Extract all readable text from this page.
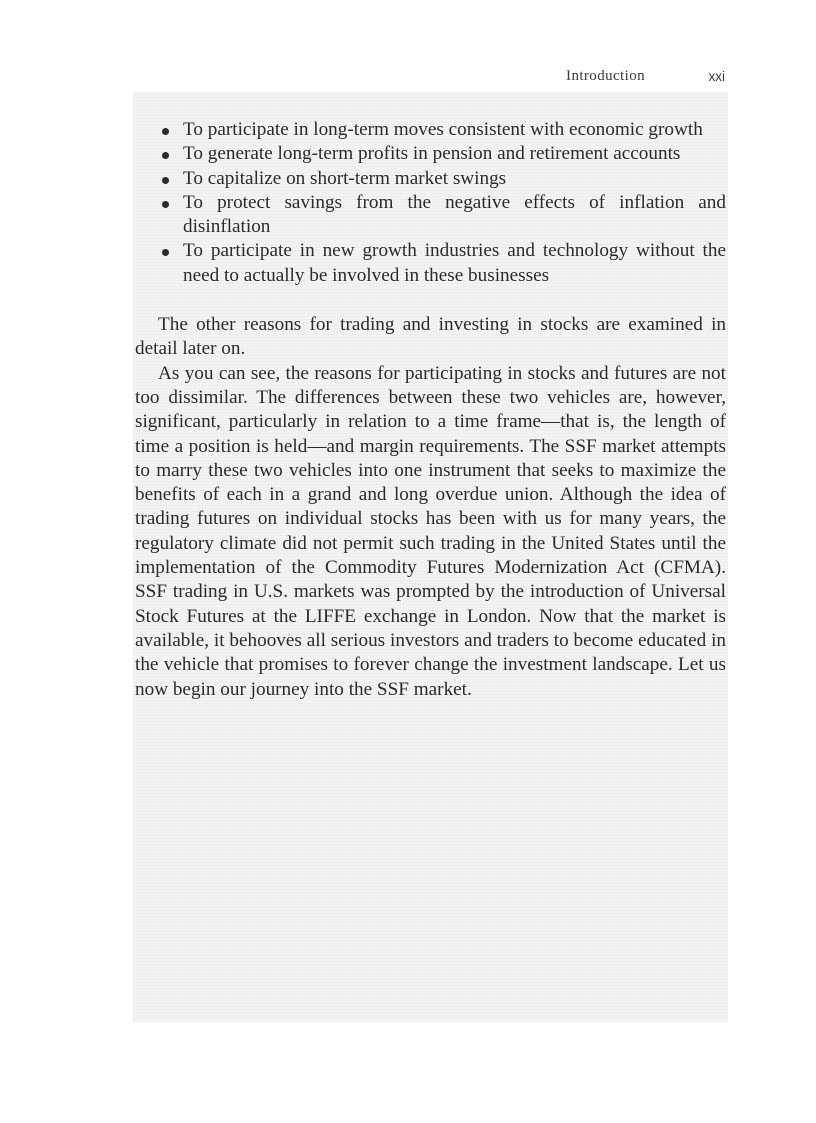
Introduction	xxi
To participate in long-term moves consistent with economic growth
To generate long-term profits in pension and retirement accounts
To capitalize on short-term market swings
To protect savings from the negative effects of inflation and disinflation
To participate in new growth industries and technology without the need to actually be involved in these businesses

The other reasons for trading and investing in stocks are examined in detail later on.

As you can see, the reasons for participating in stocks and futures are not too dissimilar. The differences between these two vehicles are, however, significant, particularly in relation to a time frame—that is, the length of time a position is held—and margin requirements. The SSF market attempts to marry these two vehicles into one instrument that seeks to maximize the benefits of each in a grand and long overdue union. Although the idea of trading futures on individual stocks has been with us for many years, the regulatory climate did not permit such trading in the United States until the implementation of the Commodity Futures Modernization Act (CFMA). SSF trading in U.S. markets was prompted by the introduction of Universal Stock Futures at the LIFFE exchange in London. Now that the market is available, it behooves all serious investors and traders to become educated in the vehicle that promises to forever change the investment landscape. Let us now begin our journey into the SSF market.
